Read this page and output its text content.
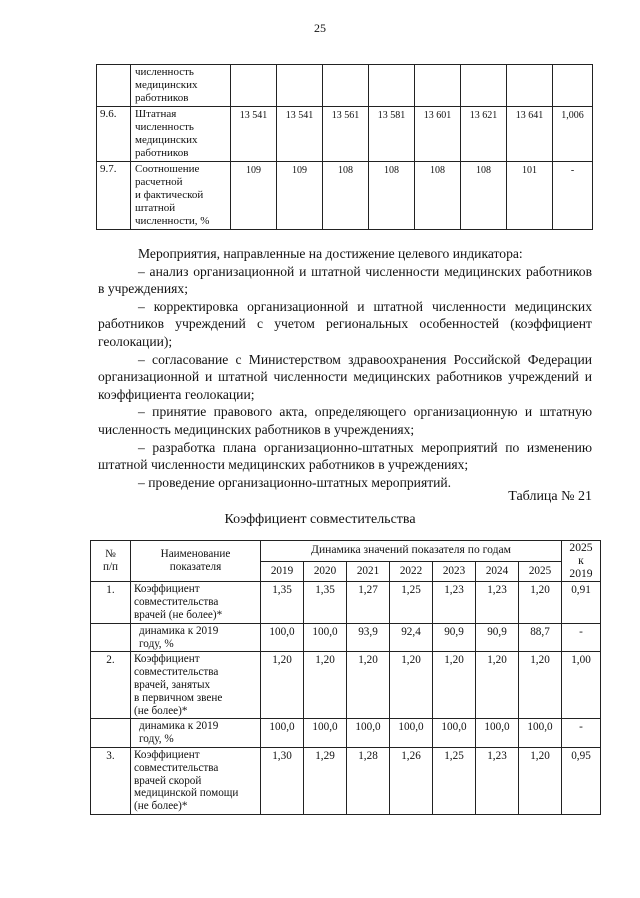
25
	численность
медицинских
работников								
9.6.	Штатная
численность
медицинских
работников	13 541	13 541	13 561	13 581	13 601	13 621	13 641	1,006
9.7.	Соотношение
расчетной
и фактической
штатной
численности, %	109	109	108	108	108	108	101	-

Мероприятия, направленные на достижение целевого индикатора:

– анализ организационной и штатной численности медицинских работников в учреждениях;

– корректировка организационной и штатной численности медицинских работников учреждений с учетом региональных особенностей (коэффициент геолокации);

– согласование с Министерством здравоохранения Российской Федерации организационной и штатной численности медицинских работников учреждений и коэффициента геолокации;

– принятие правового акта, определяющего организационную и штатную численность медицинских работников в учреждениях;

– разработка плана организационно-штатных мероприятий по изменению штатной численности медицинских работников в учреждениях;

– проведение организационно-штатных мероприятий.

Таблица № 21
Коэффициент совместительства
№
п/п	Наименование
показателя	Динамика значений показателя по годам							2025
к
2019
		2019	2020	2021	2022	2023	2024	2025	
1.	Коэффициент
совместительства
врачей (не более)*	1,35	1,35	1,27	1,25	1,23	1,23	1,20	0,91
	динамика к 2019
году, %	100,0	100,0	93,9	92,4	90,9	90,9	88,7	-
2.	Коэффициент
совместительства
врачей, занятых
в первичном звене
(не более)*	1,20	1,20	1,20	1,20	1,20	1,20	1,20	1,00
	динамика к 2019
году, %	100,0	100,0	100,0	100,0	100,0	100,0	100,0	-
3.	Коэффициент
совместительства
врачей скорой
медицинской помощи
(не более)*	1,30	1,29	1,28	1,26	1,25	1,23	1,20	0,95
